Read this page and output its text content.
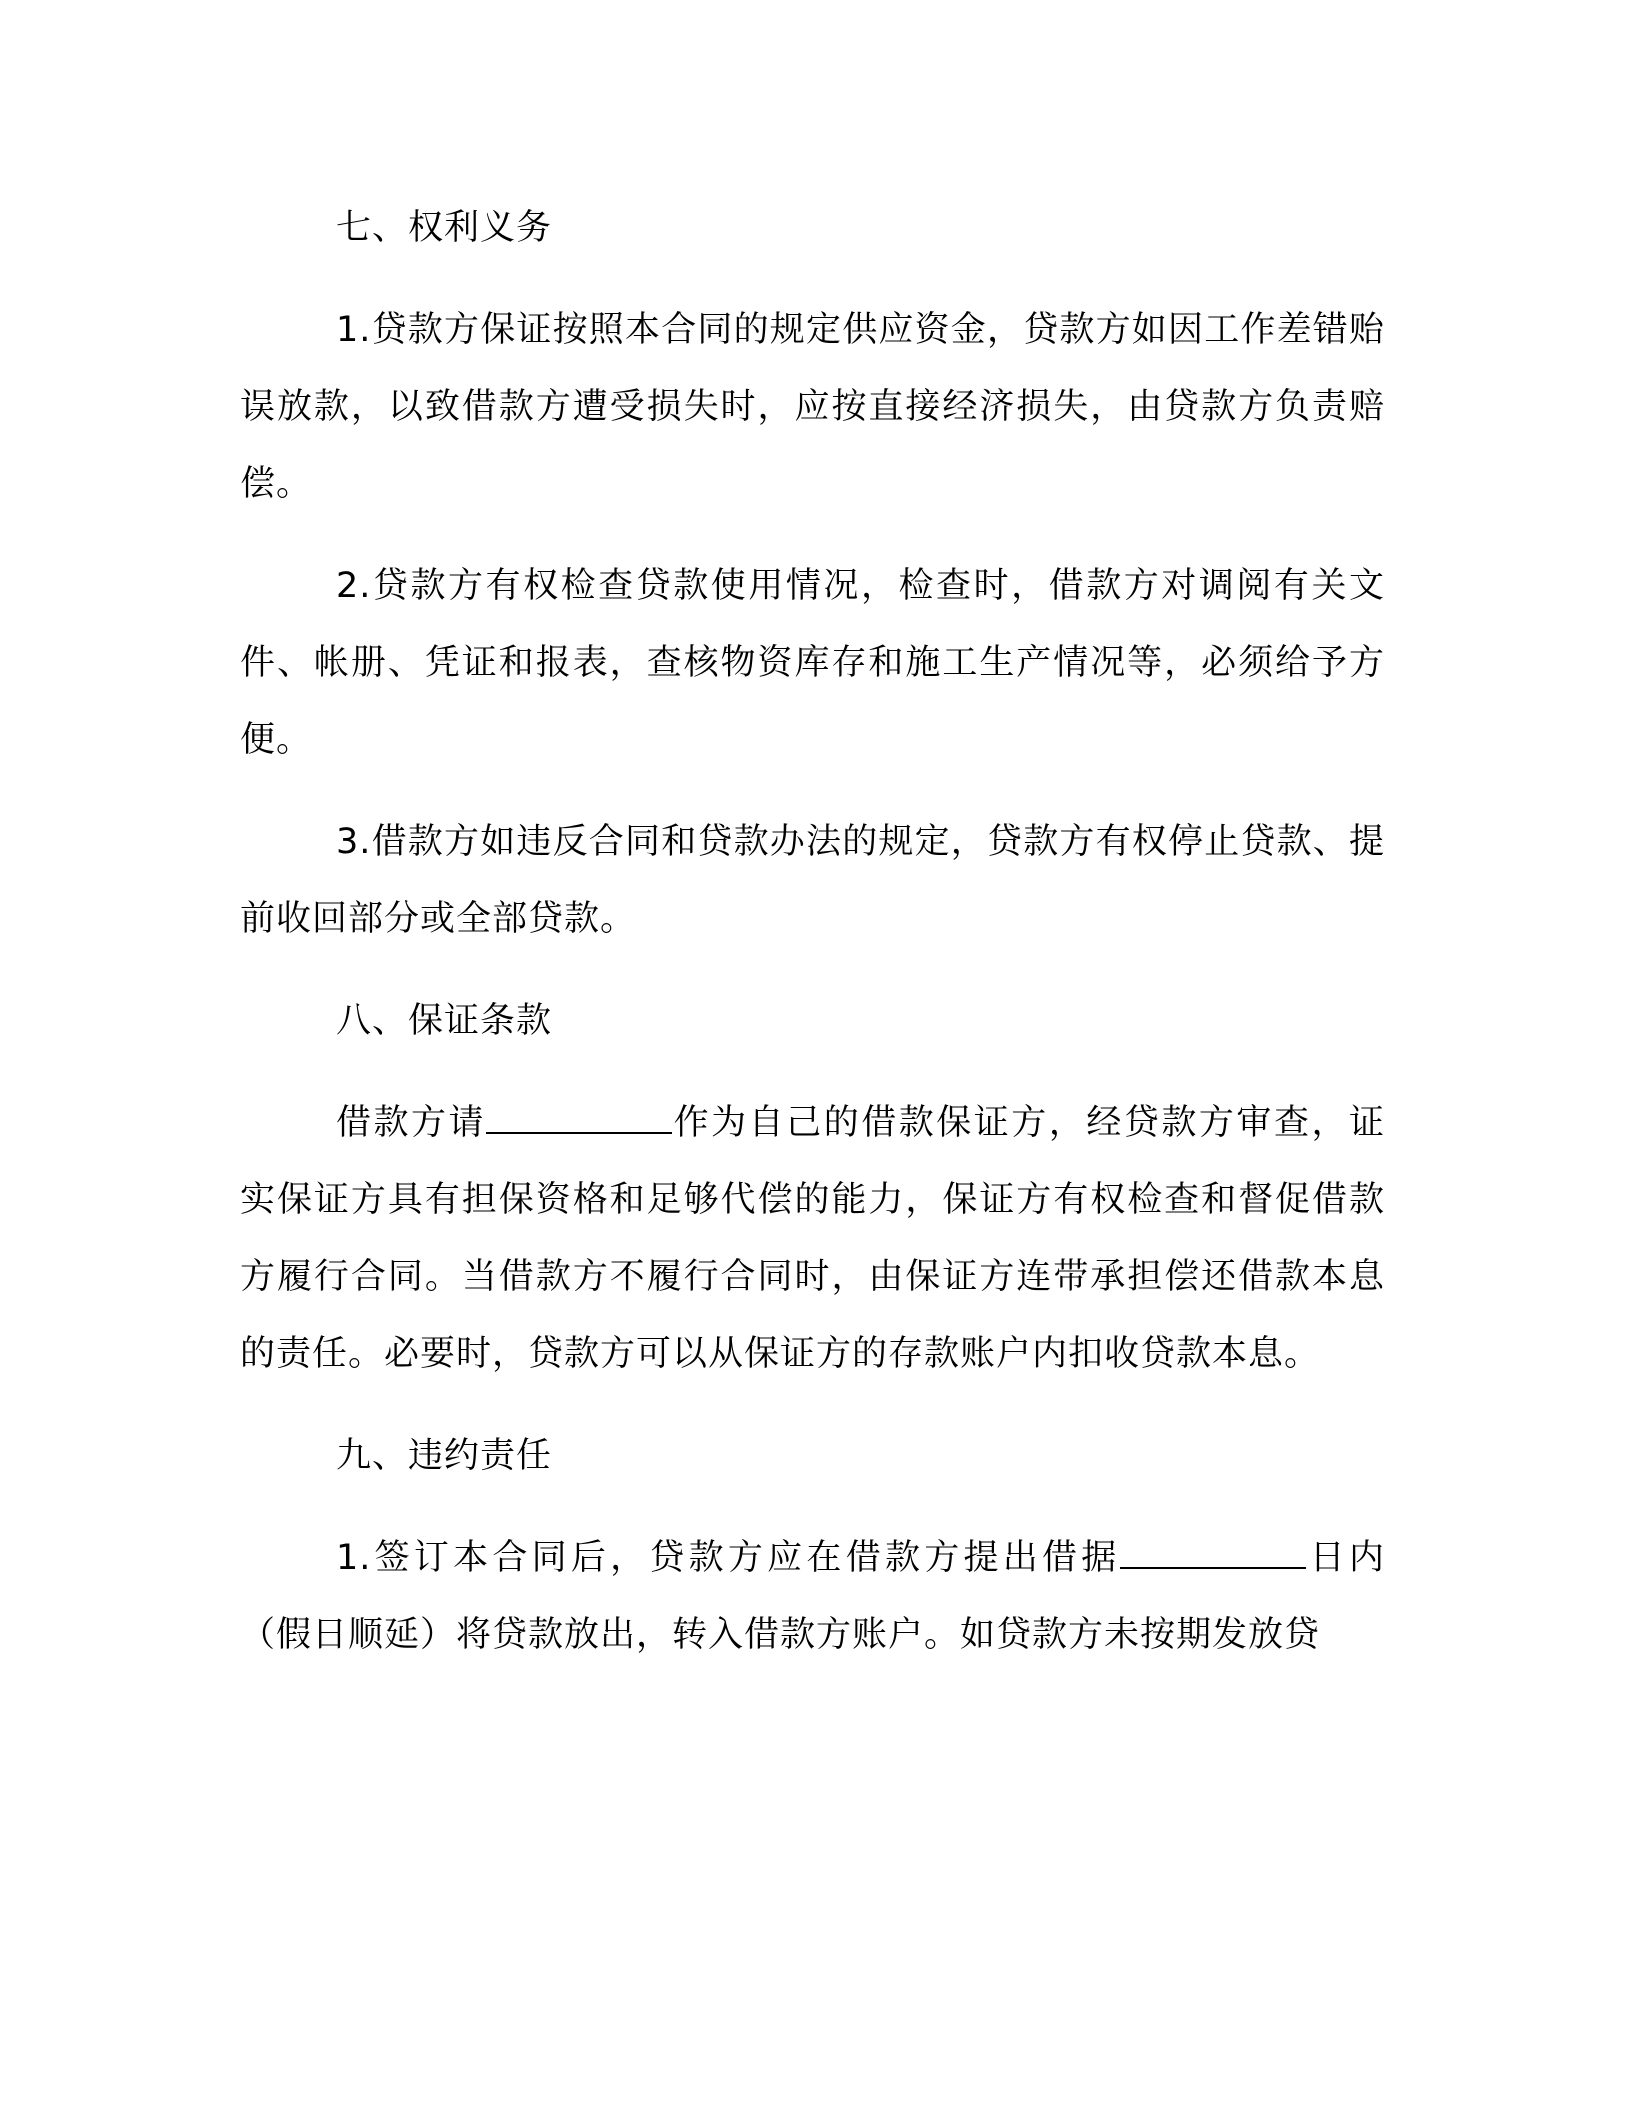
七、权利义务

1.贷款方保证按照本合同的规定供应资金，贷款方如因工作差错贻误放款，以致借款方遭受损失时，应按直接经济损失，由贷款方负责赔偿。

2.贷款方有权检查贷款使用情况，检查时，借款方对调阅有关文件、帐册、凭证和报表，查核物资库存和施工生产情况等，必须给予方便。

3.借款方如违反合同和贷款办法的规定，贷款方有权停止贷款、提前收回部分或全部贷款。

八、保证条款

借款方请	作为自己的借款保证方，经贷款方审查，证实保证方具有担保资格和足够代偿的能力，保证方有权检查和督促借款方履行合同。当借款方不履行合同时，由保证方连带承担偿还借款本息的责任。必要时，贷款方可以从保证方的存款账户内扣收贷款本息。

九、违约责任

1.签订本合同后，贷款方应在借款方提出借据	日内（假日顺延）将贷款放出，转入借款方账户。如贷款方未按期发放贷
